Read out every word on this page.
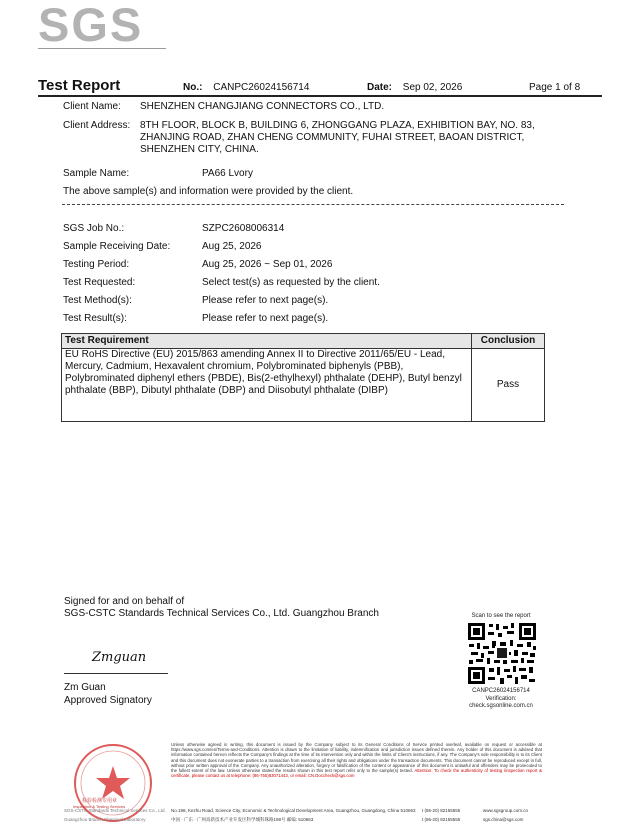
SGS
Test Report	No.: CANPC26024156714	Date: Sep 02, 2026	Page 1 of 8
Client Name: SHENZHEN CHANGJIANG CONNECTORS CO., LTD.
Client Address: 8TH FLOOR, BLOCK B, BUILDING 6, ZHONGGANG PLAZA, EXHIBITION BAY, NO. 83,
ZHANJING ROAD, ZHAN CHENG COMMUNITY, FUHAI STREET, BAOAN DISTRICT,
SHENZHEN CITY, CHINA.
Sample Name:	PA66 Lvory
The above sample(s) and information were provided by the client.
SGS Job No.:	SZPC2608006314
Sample Receiving Date:	Aug 25, 2026
Testing Period:	Aug 25, 2026 ~ Sep 01, 2026
Test Requested:	Select test(s) as requested by the client.
Test Method(s):	Please refer to next page(s).
Test Result(s):	Please refer to next page(s).
Test Requirement	Conclusion
EU RoHS Directive (EU) 2015/863 amending Annex II to Directive 2011/65/EU - Lead, Mercury, Cadmium, Hexavalent chromium, Polybrominated biphenyls (PBB), Polybrominated diphenyl ethers (PBDE), Bis(2-ethylhexyl) phthalate (DEHP), Butyl benzyl phthalate (BBP), Dibutyl phthalate (DBP) and Diisobutyl phthalate (DIBP)	Pass
Signed for and on behalf of
SGS-CSTC Standards Technical Services Co., Ltd. Guangzhou Branch
Zmguan
Zm Guan
Approved Signatory
Scan to see the report
CANPC26024156714
Verification:
check.sgsonline.com.cn
Unless otherwise agreed in writing, this document is issued by the Company subject to its General Conditions of Service printed overleaf, available on request or accessible at https://www.sgs.com/en/Terms-and-Conditions. Attention is drawn to the limitation of liability, indemnification and jurisdiction issues defined therein. Any holder of this document is advised that information contained hereon reflects the Company's findings at the time of its intervention only and within the limits of Client's instructions, if any. The Company's sole responsibility is to its Client and this document does not exonerate parties to a transaction from exercising all their rights and obligations under the transaction documents. This document cannot be reproduced except in full, without prior written approval of the Company. Any unauthorized alteration, forgery or falsification of the content or appearance of this document is unlawful and offenders may be prosecuted to the fullest extent of the law. Unless otherwise stated the results shown in this test report refer only to the sample(s) tested. Attention: To check the authenticity of testing /inspection report & certificate, please contact us at telephone: (86-755)83071443, or email: CN.Doccheck@sgs.com
检验检测专用章
Inspection & Testing Services
SGS-CSTC Standards Technical Services Co., Ltd.
Guangzhou Branch Chemical Laboratory
No.198, Kezhu Road, Science City, Economic & Technological Development Area, Guangzhou, Guangdong, China 510663
中国 · 广东 · 广州高新技术产业开发区科学城科珠路198号 邮编: 510663
t (86-20) 82155555
t (86-20) 82155555
www.sgsgroup.com.cn
sgs.china@sgs.com
